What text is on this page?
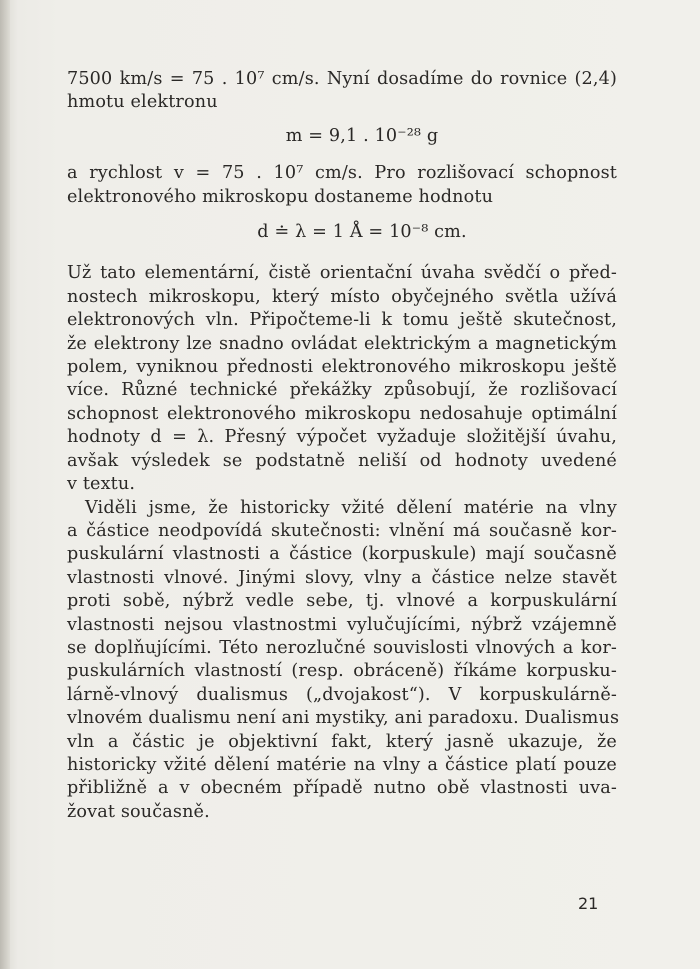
7500 km/s = 75 . 10⁷ cm/s. Nyní dosadíme do rovnice (2,4)
hmotu elektronu
m = 9,1 . 10⁻²⁸ g
a rychlost v = 75 . 10⁷ cm/s. Pro rozlišovací schopnost
elektronového mikroskopu dostaneme hodnotu
d ≐ λ = 1 Å = 10⁻⁸ cm.
Už tato elementární, čistě orientační úvaha svědčí o před-
nostech mikroskopu, který místo obyčejného světla užívá
elektronových vln. Připočteme-li k tomu ještě skutečnost,
že elektrony lze snadno ovládat elektrickým a magnetickým
polem, vyniknou přednosti elektronového mikroskopu ještě
více. Různé technické překážky způsobují, že rozlišovací
schopnost elektronového mikroskopu nedosahuje optimální
hodnoty d = λ. Přesný výpočet vyžaduje složitější úvahu,
avšak výsledek se podstatně neliší od hodnoty uvedené
v textu.
Viděli jsme, že historicky vžité dělení matérie na vlny
a částice neodpovídá skutečnosti: vlnění má současně kor-
puskulární vlastnosti a částice (korpuskule) mají současně
vlastnosti vlnové. Jinými slovy, vlny a částice nelze stavět
proti sobě, nýbrž vedle sebe, tj. vlnové a korpuskulární
vlastnosti nejsou vlastnostmi vylučujícími, nýbrž vzájemně
se doplňujícími. Této nerozlučné souvislosti vlnových a kor-
puskulárních vlastností (resp. obráceně) říkáme korpusku-
lárně-vlnový dualismus („dvojakost“). V korpuskulárně-
vlnovém dualismu není ani mystiky, ani paradoxu. Dualismus
vln a částic je objektivní fakt, který jasně ukazuje, že
historicky vžité dělení matérie na vlny a částice platí pouze
přibližně a v obecném případě nutno obě vlastnosti uva-
žovat současně.
21
